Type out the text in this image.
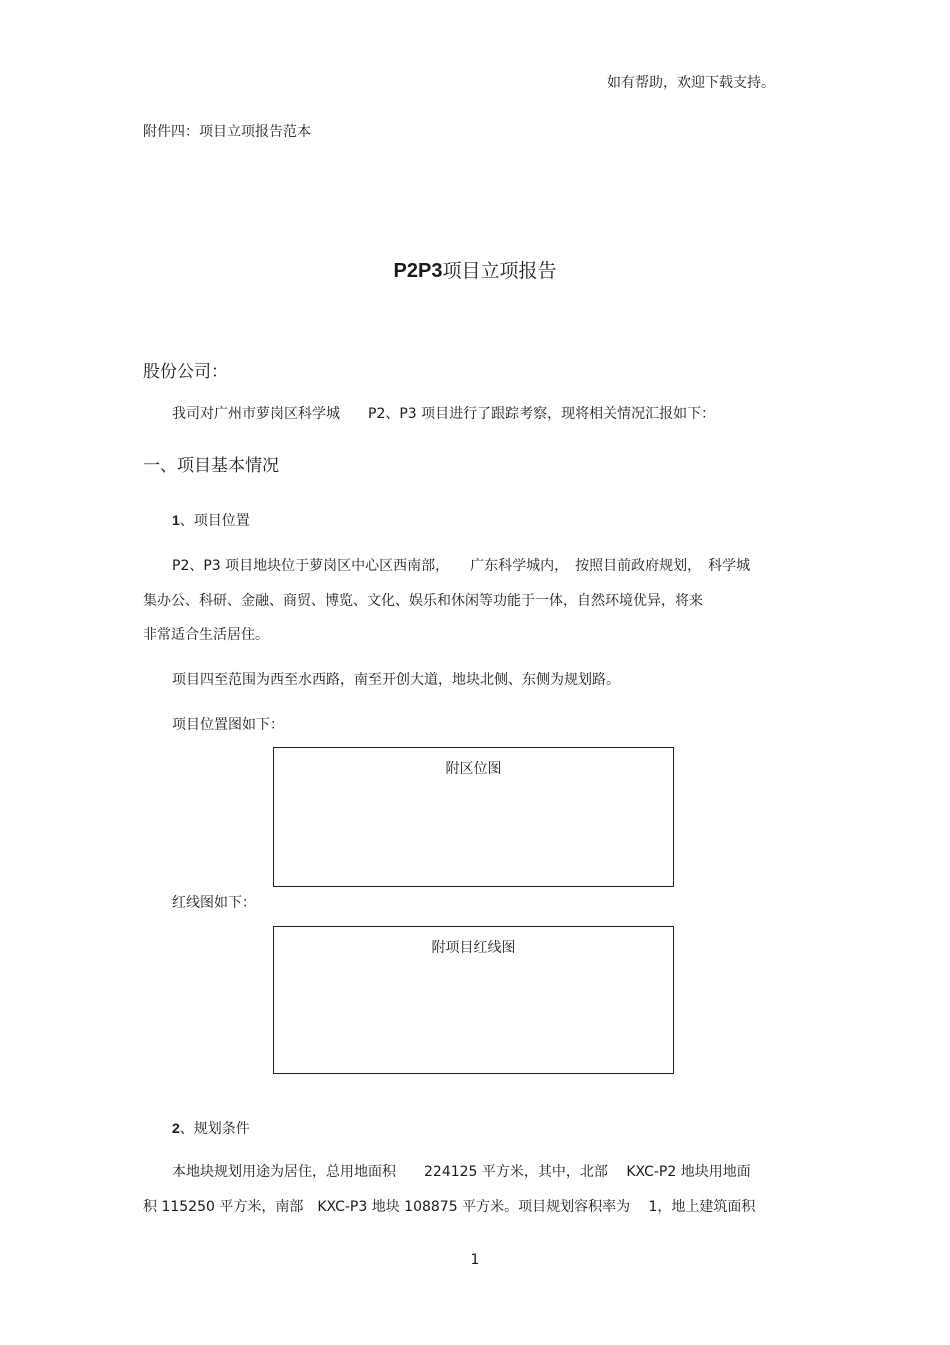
如有帮助，欢迎下载支持。
附件四：项目立项报告范本
P2P3项目立项报告
股份公司：
我司对广州市萝岗区科学城　　P2、P3 项目进行了跟踪考察，现将相关情况汇报如下：
一、项目基本情况
1、项目位置
P2、P3 项目地块位于萝岗区中心区西南部，　　广东科学城内，　按照目前政府规划，　科学城
集办公、科研、金融、商贸、博览、文化、娱乐和休闲等功能于一体，自然环境优异，将来
非常适合生活居住。
项目四至范围为西至水西路，南至开创大道，地块北侧、东侧为规划路。
项目位置图如下：
附区位图
红线图如下：
附项目红线图
2、规划条件
本地块规划用途为居住，总用地面积　　224125 平方米，其中，北部　 KXC-P2 地块用地面
积 115250 平方米，南部　KXC-P3 地块 108875 平方米。项目规划容积率为　 1，地上建筑面积
1
